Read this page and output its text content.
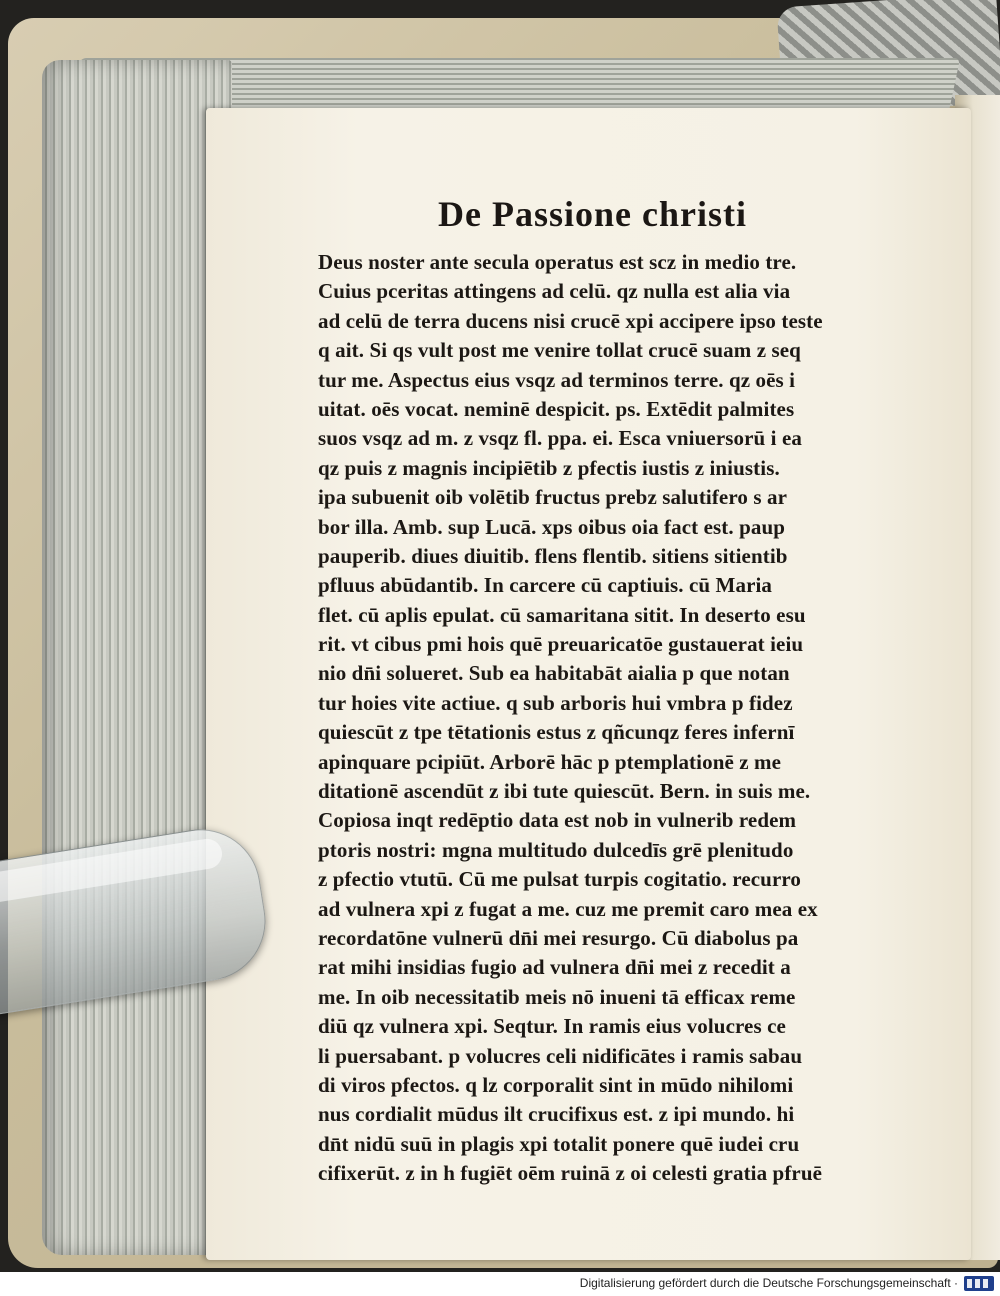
De Passione christi
Deus noster ante secula operatus est scz in medio tre.
Cuius pceritas attingens ad celū. qz nulla est alia via
ad celū de terra ducens nisi crucē xpi accipere ipso teste
q ait. Si qs vult post me venire tollat crucē suam z seq
tur me. Aspectus eius vsqz ad terminos terre. qz oēs i
uitat. oēs vocat. neminē despicit. ps. Extēdit palmites
suos vsqz ad m. z vsqz fl. ppa. ei. Esca vniuersorū i ea
qz puis z magnis incipiētib z pfectis iustis z iniustis.
ipa subuenit oib volētib fructus prebz salutifero s ar
bor illa. Amb. sup Lucā. xps oibus oia fact est. paup
pauperib. diues diuitib. flens flentib. sitiens sitientib
pfluus abūdantib. In carcere cū captiuis. cū Maria
flet. cū aplis epulat. cū samaritana sitit. In deserto esu
rit. vt cibus pmi hois quē preuaricatōe gustauerat ieiu
nio dn̄i solueret. Sub ea habitabāt aialia p que notan
tur hoies vite actiue. q sub arboris hui vmbra p fidez
quiescūt z tpe tētationis estus z qñcunqz feres infernī
apinquare pcipiūt. Arborē hāc p ptemplationē z me
ditationē ascendūt z ibi tute quiescūt. Bern. in suis me.
Copiosa inqt redēptio data est nob in vulnerib redem
ptoris nostri: mgna multitudo dulcedīs grē plenitudo
z pfectio vtutū. Cū me pulsat turpis cogitatio. recurro
ad vulnera xpi z fugat a me. cuz me premit caro mea ex
recordatōne vulnerū dn̄i mei resurgo. Cū diabolus pa
rat mihi insidias fugio ad vulnera dn̄i mei z recedit a
me. In oib necessitatib meis nō inueni tā efficax reme
diū qz vulnera xpi. Seqtur. In ramis eius volucres ce
li puersabant. p volucres celi nidificātes i ramis sabau
di viros pfectos. q lz corporalit sint in mūdo nihilomi
nus cordialit mūdus ilt crucifixus est. z ipi mundo. hi
dn̄t nidū suū in plagis xpi totalit ponere quē iudei cru
cifixerūt. z in h fugiēt oēm ruinā z oi celesti gratia pfruē
Digitalisierung gefördert durch die Deutsche Forschungsgemeinschaft ·
